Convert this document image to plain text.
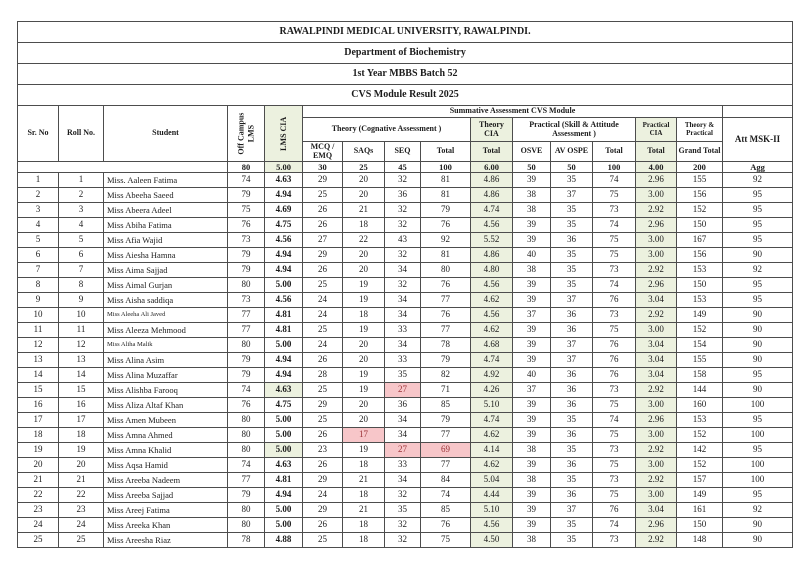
RAWALPINDI MEDICAL UNIVERSITY, RAWALPINDI.															
Department of Biochemistry															
1st Year MBBS Batch 52															
CVS Module Result 2025															
Sr. No	Roll No.	Student	Off Campus LMS	LMS CIA	Summative Assessment CVS Module										
					Theory (Cognative Assessment )				Theory CIA	Practical (Skill & Attitude Assessment )			Practical CIA	Theory & Practical	Att MSK-II
					MCQ / EMQ	SAQs	SEQ	Total	Total	OSVE	AV OSPE	Total	Total	Grand Total	
			80	5.00	30	25	45	100	6.00	50	50	100	4.00	200	Agg
1	1	Miss. Aaleen Fatima	74	4.63	29	20	32	81	4.86	39	35	74	2.96	155	92
2	2	Miss Abeeha Saeed	79	4.94	25	20	36	81	4.86	38	37	75	3.00	156	95
3	3	Miss Abeera Adeel	75	4.69	26	21	32	79	4.74	38	35	73	2.92	152	95
4	4	Miss Abiha Fatima	76	4.75	26	18	32	76	4.56	39	35	74	2.96	150	95
5	5	Miss Afia Wajid	73	4.56	27	22	43	92	5.52	39	36	75	3.00	167	95
6	6	Miss Aiesha Hamna	79	4.94	29	20	32	81	4.86	40	35	75	3.00	156	90
7	7	Miss Aima Sajjad	79	4.94	26	20	34	80	4.80	38	35	73	2.92	153	92
8	8	Miss Aimal Gurjan	80	5.00	25	19	32	76	4.56	39	35	74	2.96	150	95
9	9	Miss Aisha saddiqa	73	4.56	24	19	34	77	4.62	39	37	76	3.04	153	95
10	10	Miss Aleeha Ali Javed	77	4.81	24	18	34	76	4.56	37	36	73	2.92	149	90
11	11	Miss Aleeza Mehmood	77	4.81	25	19	33	77	4.62	39	36	75	3.00	152	90
12	12	Miss Aliha Malik	80	5.00	24	20	34	78	4.68	39	37	76	3.04	154	90
13	13	Miss Alina Asim	79	4.94	26	20	33	79	4.74	39	37	76	3.04	155	90
14	14	Miss Alina Muzaffar	79	4.94	28	19	35	82	4.92	40	36	76	3.04	158	95
15	15	Miss Alishba Farooq	74	4.63	25	19	27	71	4.26	37	36	73	2.92	144	90
16	16	Miss Aliza Altaf Khan	76	4.75	29	20	36	85	5.10	39	36	75	3.00	160	100
17	17	Miss Amen Mubeen	80	5.00	25	20	34	79	4.74	39	35	74	2.96	153	95
18	18	Miss Amna Ahmed	80	5.00	26	17	34	77	4.62	39	36	75	3.00	152	100
19	19	Miss Amna Khalid	80	5.00	23	19	27	69	4.14	38	35	73	2.92	142	95
20	20	Miss Aqsa Hamid	74	4.63	26	18	33	77	4.62	39	36	75	3.00	152	100
21	21	Miss Areeba Nadeem	77	4.81	29	21	34	84	5.04	38	35	73	2.92	157	100
22	22	Miss Areeba Sajjad	79	4.94	24	18	32	74	4.44	39	36	75	3.00	149	95
23	23	Miss Areej Fatima	80	5.00	29	21	35	85	5.10	39	37	76	3.04	161	92
24	24	Miss Areeka Khan	80	5.00	26	18	32	76	4.56	39	35	74	2.96	150	90
25	25	Miss Areesha Riaz	78	4.88	25	18	32	75	4.50	38	35	73	2.92	148	90
